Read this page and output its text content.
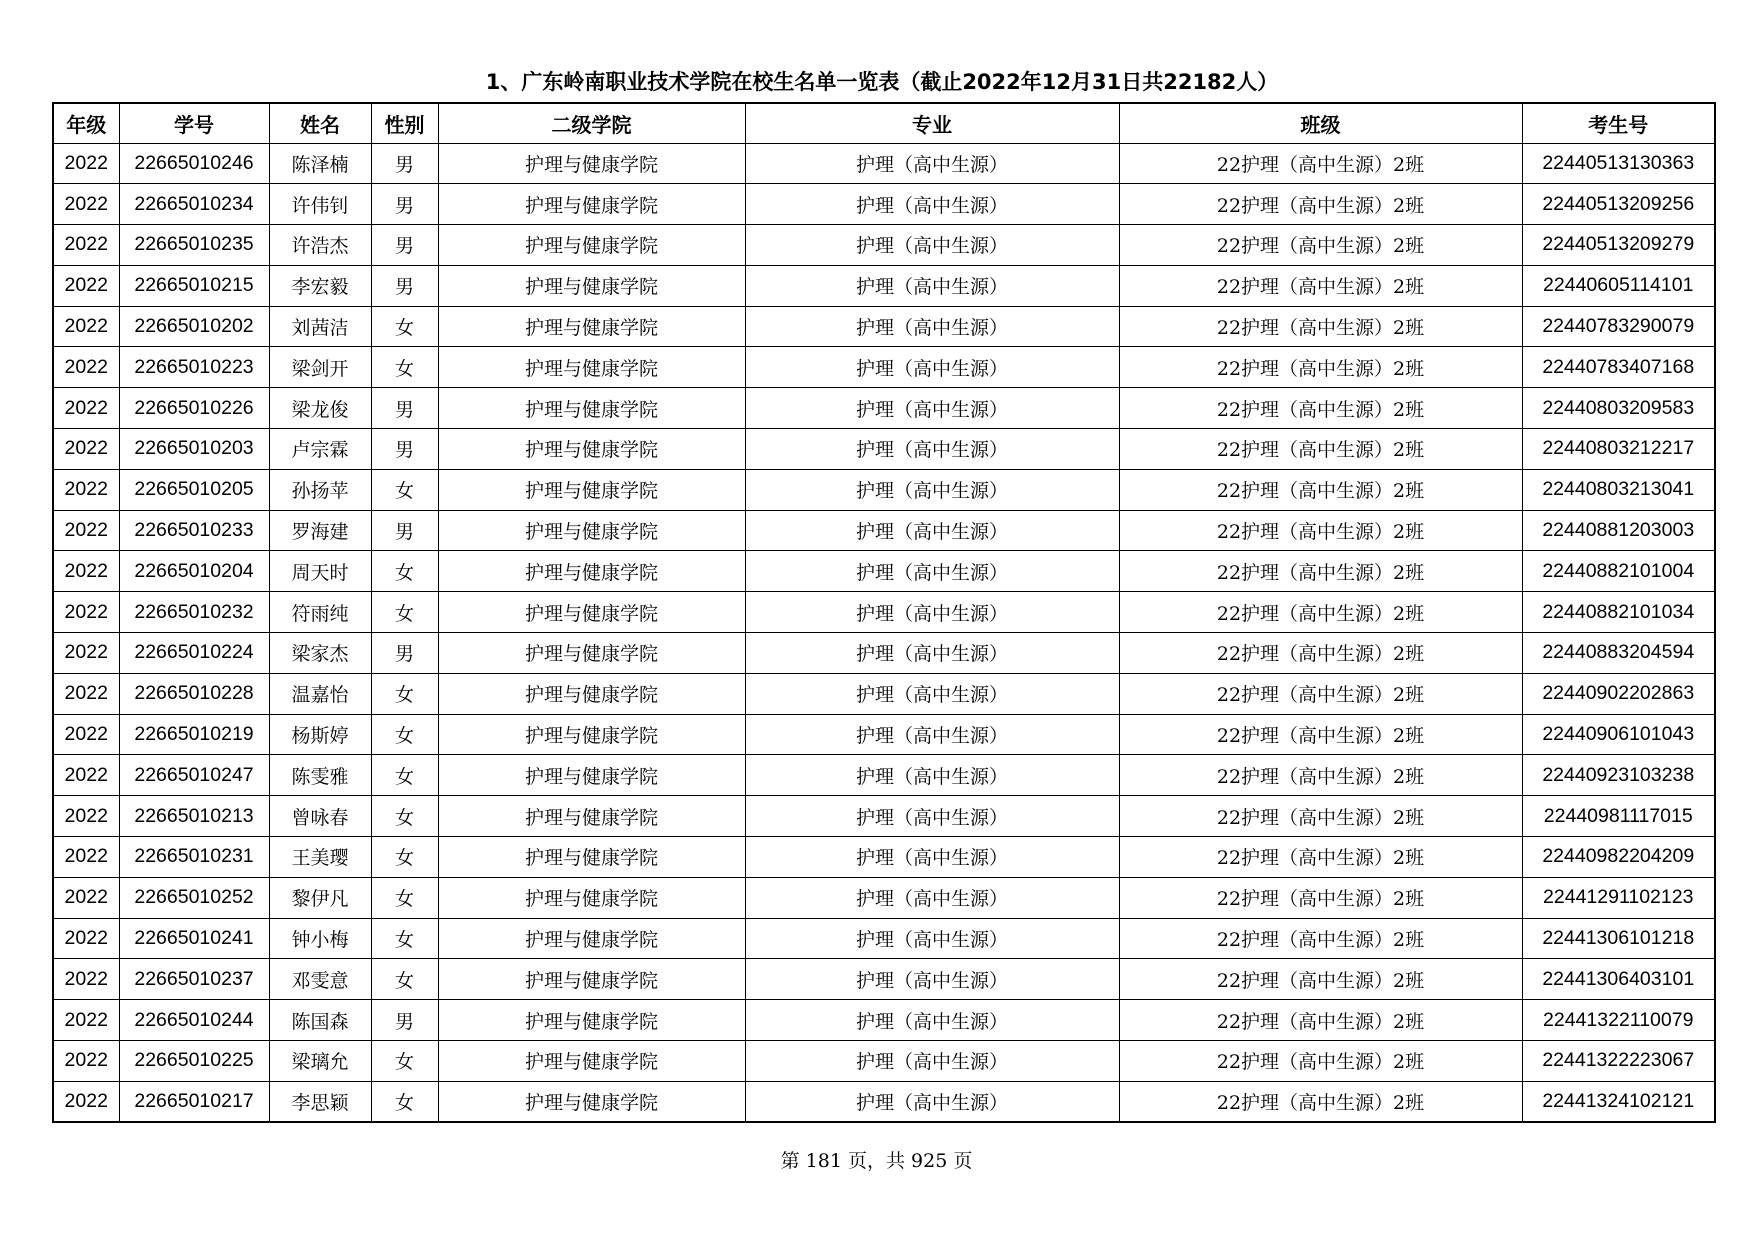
1、广东岭南职业技术学院在校生名单一览表（截止2022年12月31日共22182人）
年级	学号	姓名	性别	二级学院	专业	班级	考生号
2022	22665010246	陈泽楠	男	护理与健康学院	护理（高中生源）	22护理（高中生源）2班	22440513130363
2022	22665010234	许伟钊	男	护理与健康学院	护理（高中生源）	22护理（高中生源）2班	22440513209256
2022	22665010235	许浩杰	男	护理与健康学院	护理（高中生源）	22护理（高中生源）2班	22440513209279
2022	22665010215	李宏毅	男	护理与健康学院	护理（高中生源）	22护理（高中生源）2班	22440605114101
2022	22665010202	刘茜洁	女	护理与健康学院	护理（高中生源）	22护理（高中生源）2班	22440783290079
2022	22665010223	梁剑开	女	护理与健康学院	护理（高中生源）	22护理（高中生源）2班	22440783407168
2022	22665010226	梁龙俊	男	护理与健康学院	护理（高中生源）	22护理（高中生源）2班	22440803209583
2022	22665010203	卢宗霖	男	护理与健康学院	护理（高中生源）	22护理（高中生源）2班	22440803212217
2022	22665010205	孙扬苹	女	护理与健康学院	护理（高中生源）	22护理（高中生源）2班	22440803213041
2022	22665010233	罗海建	男	护理与健康学院	护理（高中生源）	22护理（高中生源）2班	22440881203003
2022	22665010204	周天时	女	护理与健康学院	护理（高中生源）	22护理（高中生源）2班	22440882101004
2022	22665010232	符雨纯	女	护理与健康学院	护理（高中生源）	22护理（高中生源）2班	22440882101034
2022	22665010224	梁家杰	男	护理与健康学院	护理（高中生源）	22护理（高中生源）2班	22440883204594
2022	22665010228	温嘉怡	女	护理与健康学院	护理（高中生源）	22护理（高中生源）2班	22440902202863
2022	22665010219	杨斯婷	女	护理与健康学院	护理（高中生源）	22护理（高中生源）2班	22440906101043
2022	22665010247	陈雯雅	女	护理与健康学院	护理（高中生源）	22护理（高中生源）2班	22440923103238
2022	22665010213	曾咏春	女	护理与健康学院	护理（高中生源）	22护理（高中生源）2班	22440981117015
2022	22665010231	王美璎	女	护理与健康学院	护理（高中生源）	22护理（高中生源）2班	22440982204209
2022	22665010252	黎伊凡	女	护理与健康学院	护理（高中生源）	22护理（高中生源）2班	22441291102123
2022	22665010241	钟小梅	女	护理与健康学院	护理（高中生源）	22护理（高中生源）2班	22441306101218
2022	22665010237	邓雯意	女	护理与健康学院	护理（高中生源）	22护理（高中生源）2班	22441306403101
2022	22665010244	陈国森	男	护理与健康学院	护理（高中生源）	22护理（高中生源）2班	22441322110079
2022	22665010225	梁璃允	女	护理与健康学院	护理（高中生源）	22护理（高中生源）2班	22441322223067
2022	22665010217	李思颖	女	护理与健康学院	护理（高中生源）	22护理（高中生源）2班	22441324102121
第 181 页，共 925 页
